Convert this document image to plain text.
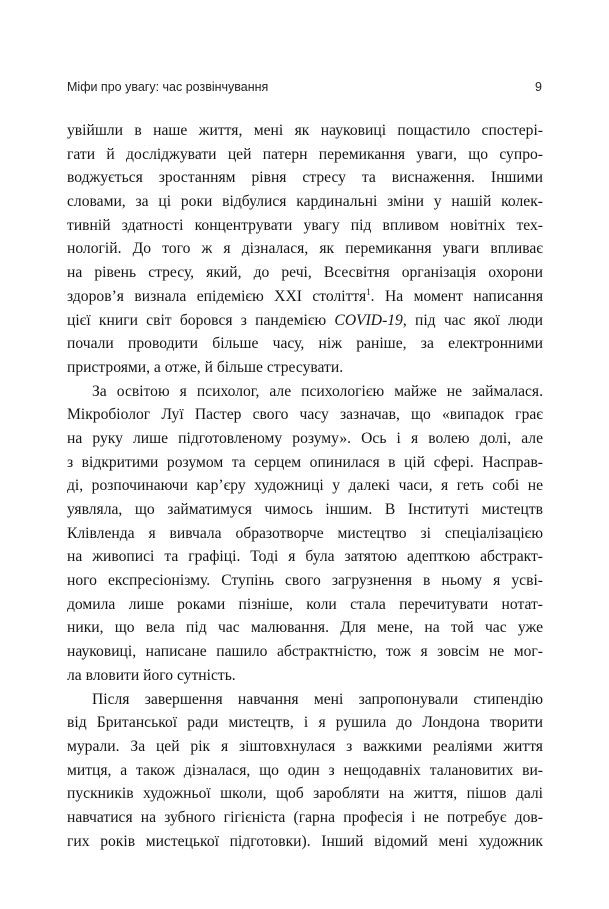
Міфи про увагу: час розвінчування	9

увійшли в наше життя, мені як науковиці пощастило спостері-
гати й досліджувати цей патерн перемикання уваги, що супро-
воджується зростанням рівня стресу та виснаження. Іншими
словами, за ці роки відбулися кардинальні зміни у нашій колек-
тивній здатності концентрувати увагу під впливом новітніх тех-
нологій. До того ж я дізналася, як перемикання уваги впливає
на рівень стресу, який, до речі, Всесвітня організація охорони
здоров’я визнала епідемією XXI століття$^1$. На момент написання
цієї книги світ боровся з пандемією COVID-19, під час якої люди
почали проводити більше часу, ніж раніше, за електронними
пристроями, а отже, й більше стресувати.

За освітою я психолог, але психологією майже не займалася.
Мікробіолог Луї Пастер свого часу зазначав, що «випадок грає
на руку лише підготовленому розуму». Ось і я волею долі, але
з відкритими розумом та серцем опинилася в цій сфері. Насправ-
ді, розпочинаючи кар’єру художниці у далекі часи, я геть собі не
уявляла, що займатимуся чимось іншим. В Інституті мистецтв
Клівленда я вивчала образотворче мистецтво зі спеціалізацією
на живописі та графіці. Тоді я була затятою адепткою абстракт-
ного експресіонізму. Ступінь свого загрузнення в ньому я усві-
домила лише роками пізніше, коли стала перечитувати нотат-
ники, що вела під час малювання. Для мене, на той час уже
науковиці, написане пашило абстрактністю, тож я зовсім не мог-
ла вловити його сутність.

Після завершення навчання мені запропонували стипендію
від Британської ради мистецтв, і я рушила до Лондона творити
мурали. За цей рік я зіштовхнулася з важкими реаліями життя
митця, а також дізналася, що один з нещодавніх талановитих ви-
пускників художньої школи, щоб заробляти на життя, пішов далі
навчатися на зубного гігієніста (гарна професія і не потребує дов-
гих років мистецької підготовки). Інший відомий мені художник
